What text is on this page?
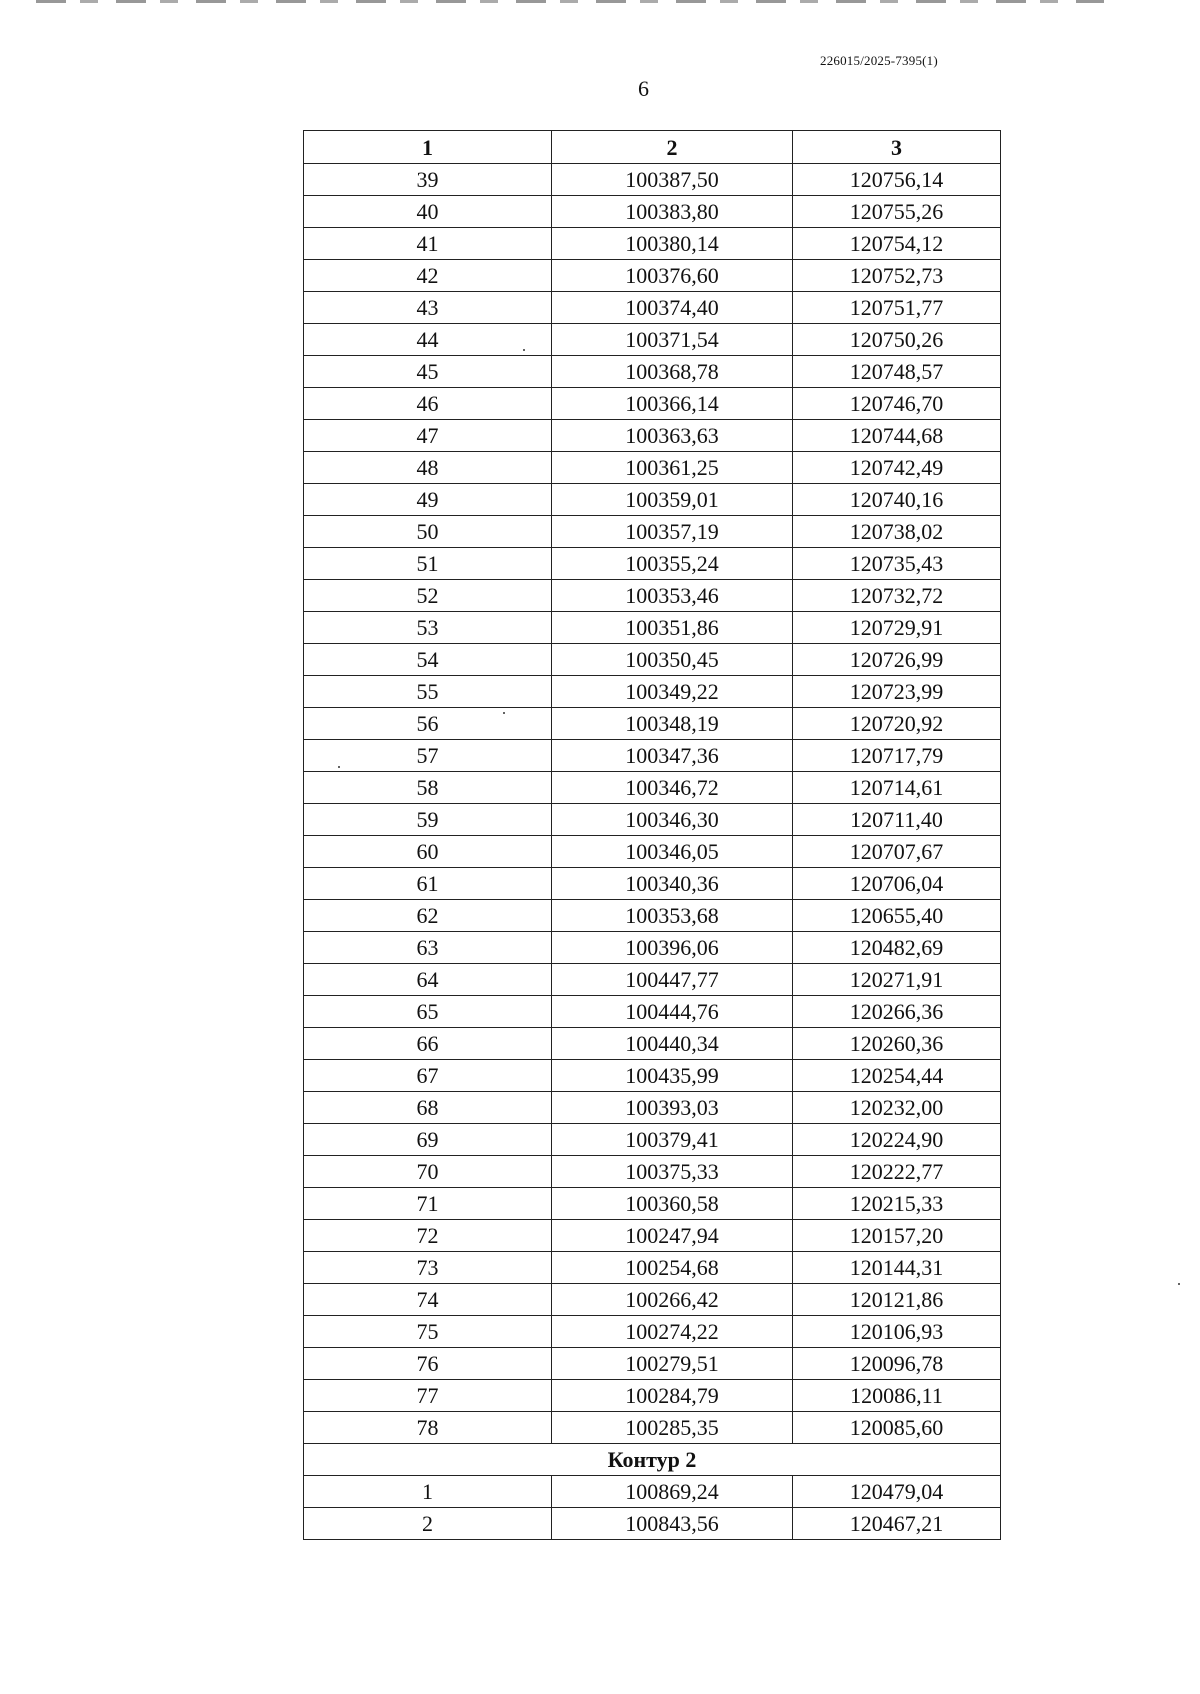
226015/2025-7395(1)
6
1	2	3
39	100387,50	120756,14
40	100383,80	120755,26
41	100380,14	120754,12
42	100376,60	120752,73
43	100374,40	120751,77
44	100371,54	120750,26
45	100368,78	120748,57
46	100366,14	120746,70
47	100363,63	120744,68
48	100361,25	120742,49
49	100359,01	120740,16
50	100357,19	120738,02
51	100355,24	120735,43
52	100353,46	120732,72
53	100351,86	120729,91
54	100350,45	120726,99
55	100349,22	120723,99
56	100348,19	120720,92
57	100347,36	120717,79
58	100346,72	120714,61
59	100346,30	120711,40
60	100346,05	120707,67
61	100340,36	120706,04
62	100353,68	120655,40
63	100396,06	120482,69
64	100447,77	120271,91
65	100444,76	120266,36
66	100440,34	120260,36
67	100435,99	120254,44
68	100393,03	120232,00
69	100379,41	120224,90
70	100375,33	120222,77
71	100360,58	120215,33
72	100247,94	120157,20
73	100254,68	120144,31
74	100266,42	120121,86
75	100274,22	120106,93
76	100279,51	120096,78
77	100284,79	120086,11
78	100285,35	120085,60
Контур 2		
1	100869,24	120479,04
2	100843,56	120467,21
